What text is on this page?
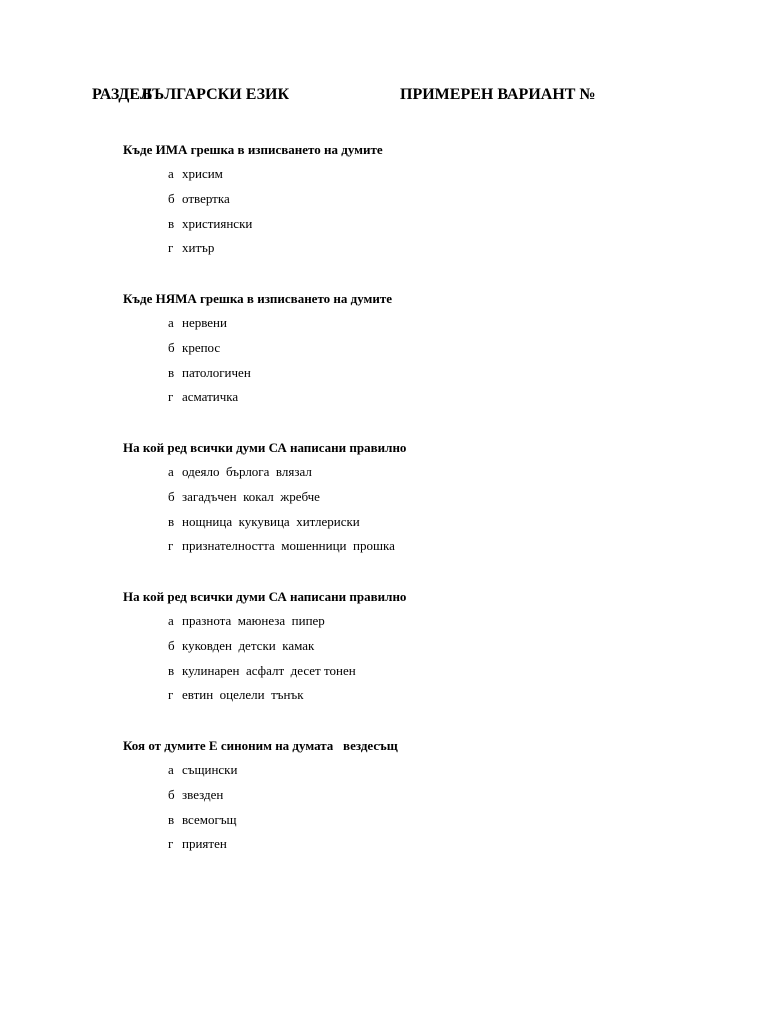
РАЗДЕЛ

БЪЛГАРСКИ ЕЗИК

	ПРИМЕРЕН ВАРИАНТ №

Къде ИМА грешка в изписването на думите
а хрисим
б отвертка
в християнски
г хитър
Къде НЯМА грешка в изписването на думите
а нервени
б крепос
в патологичен
г асматичка
На кой ред всички думи СА написани правилно
а одеяло  бърлога  влязал
б загадъчен  кокал  жребче
в нощница  кукувица  хитлериски
г признателността  мошенници  прошка
На кой ред всички думи СА написани правилно
а празнота  маюнеза  пипер
б куковден  детски  камак
в кулинарен  асфалт  десет тонен
г евтин  оцелели  тънък
Коя от думите Е синоним на думата   вездесъщ
а същински
б звезден
в всемогъщ
г приятен
